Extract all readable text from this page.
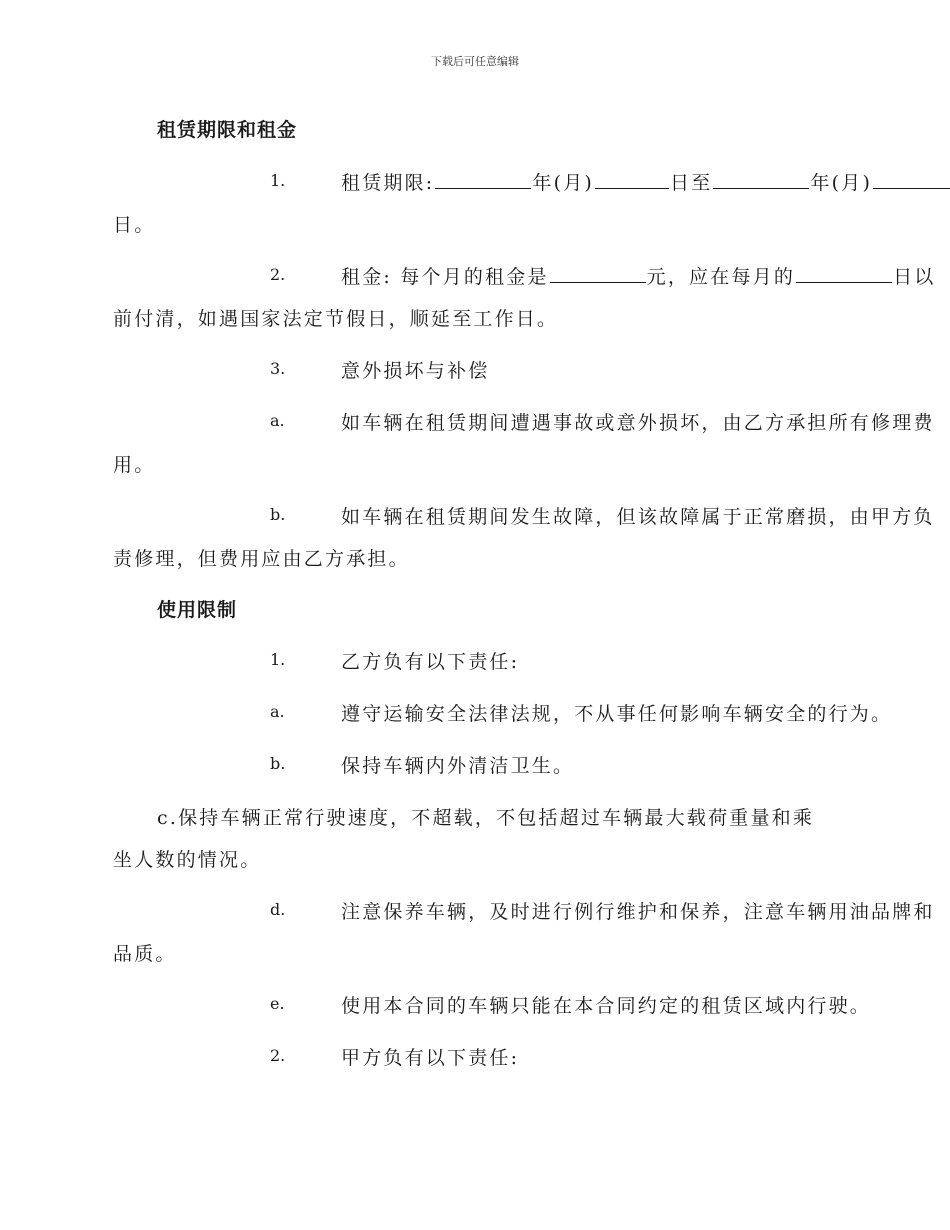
下载后可任意编辑
租赁期限和租金
1.	租赁期限:	年(月)	日至	年(月)
日。
2.	租金: 每个月的租金是	元，应在每月的	日以
前付清，如遇国家法定节假日，顺延至工作日。
3.	意外损坏与补偿
a.	如车辆在租赁期间遭遇事故或意外损坏，由乙方承担所有修理费
用。
b.	如车辆在租赁期间发生故障，但该故障属于正常磨损，由甲方负
责修理，但费用应由乙方承担。
使用限制
1.	乙方负有以下责任:
a.	遵守运输安全法律法规，不从事任何影响车辆安全的行为。
b.	保持车辆内外清洁卫生。
c.保持车辆正常行驶速度，不超载，不包括超过车辆最大载荷重量和乘
坐人数的情况。
d.	注意保养车辆，及时进行例行维护和保养，注意车辆用油品牌和
品质。
e.	使用本合同的车辆只能在本合同约定的租赁区域内行驶。
2.	甲方负有以下责任:
